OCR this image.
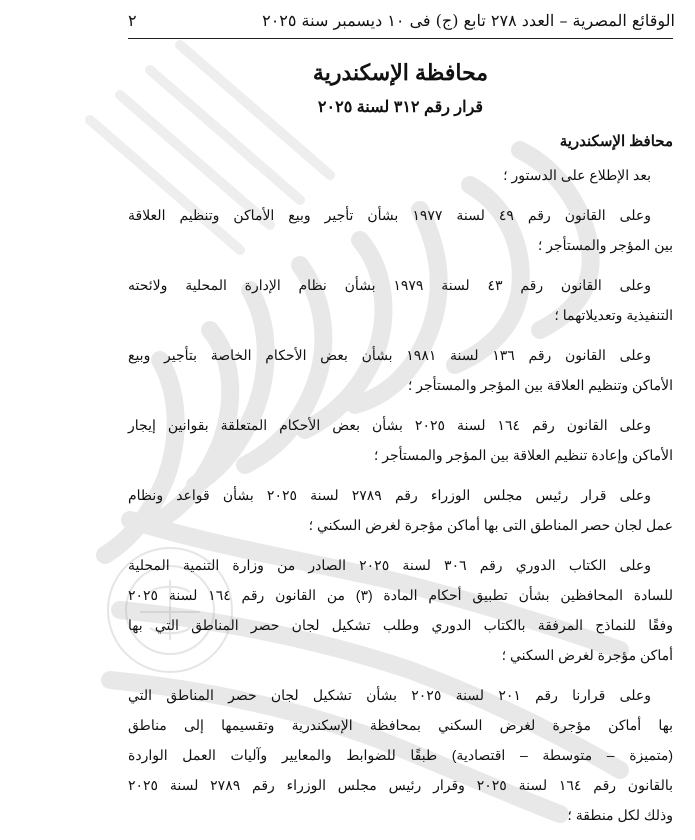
الوقائع المصرية – العدد ٢٧٨ تابع (ج) فى ١٠ ديسمبر سنة ٢٠٢٥
٢
محافظة الإسكندرية
قرار رقم ٣١٢ لسنة ٢٠٢٥
محافظ الإسكندرية
بعد الإطلاع على الدستور ؛
وعلى القانون رقم ٤٩ لسنة ١٩٧٧ بشأن تأجير وبيع الأماكن وتنظيم العلاقة
بين المؤجر والمستأجر ؛
وعلى القانون رقم ٤٣ لسنة ١٩٧٩ بشأن نظام الإدارة المحلية ولائحته
التنفيذية وتعديلاتهما ؛
وعلى القانون رقم ١٣٦ لسنة ١٩٨١ بشأن بعض الأحكام الخاصة بتأجير وبيع
الأماكن وتنظيم العلاقة بين المؤجر والمستأجر ؛
وعلى القانون رقم ١٦٤ لسنة ٢٠٢٥ بشأن بعض الأحكام المتعلقة بقوانين إيجار
الأماكن وإعادة تنظيم العلاقة بين المؤجر والمستأجر ؛
وعلى قرار رئيس مجلس الوزراء رقم ٢٧٨٩ لسنة ٢٠٢٥ بشأن قواعد ونظام
عمل لجان حصر المناطق التى بها أماكن مؤجرة لغرض السكني ؛
وعلى الكتاب الدوري رقم ٣٠٦ لسنة ٢٠٢٥ الصادر من وزارة التنمية المحلية
للسادة المحافظين بشأن تطبيق أحكام المادة (٣) من القانون رقم ١٦٤ لسنة ٢٠٢٥
وفقًا للنماذج المرفقة بالكتاب الدوري وطلب تشكيل لجان حصر المناطق التي بها
أماكن مؤجرة لغرض السكني ؛
وعلى قرارنا رقم ٢٠١ لسنة ٢٠٢٥ بشأن تشكيل لجان حصر المناطق التي
بها أماكن مؤجرة لغرض السكني بمحافظة الإسكندرية وتقسيمها إلى مناطق
(متميزة – متوسطة – اقتصادية) طبقًا للضوابط والمعايير وآليات العمل الواردة
بالقانون رقم ١٦٤ لسنة ٢٠٢٥ وقرار رئيس مجلس الوزراء رقم ٢٧٨٩ لسنة ٢٠٢٥
وذلك لكل منطقة ؛
